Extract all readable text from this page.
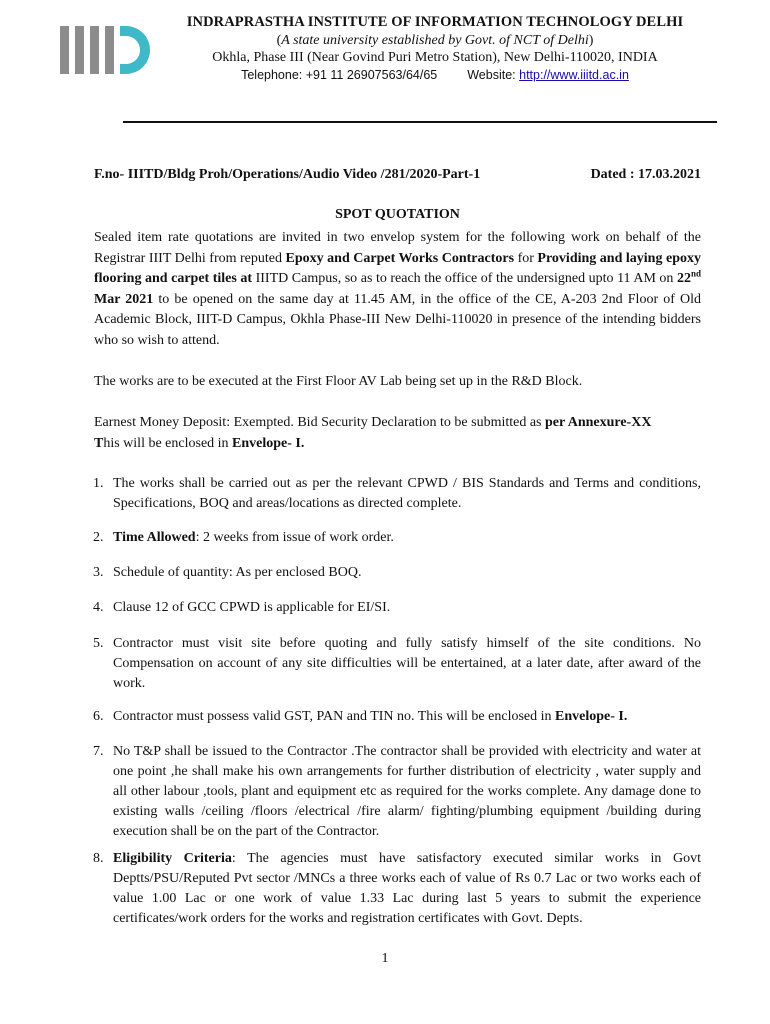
INDRAPRASTHA INSTITUTE OF INFORMATION TECHNOLOGY DELHI
(A state university established by Govt. of NCT of Delhi)
Okhla, Phase III (Near Govind Puri Metro Station), New Delhi-110020, INDIA
Telephone: +91 11 26907563/64/65 Website: http://www.iiitd.ac.in
F.no- IIITD/Bldg Proh/Operations/Audio Video /281/2020-Part-1	Dated : 17.03.2021
SPOT QUOTATION
Sealed item rate quotations are invited in two envelop system for the following work on behalf of the Registrar IIIT Delhi from reputed Epoxy and Carpet Works Contractors for Providing and laying epoxy flooring and carpet tiles at IIITD Campus, so as to reach the office of the undersigned upto 11 AM on 22nd Mar 2021 to be opened on the same day at 11.45 AM, in the office of the CE, A-203 2nd Floor of Old Academic Block, IIIT-D Campus, Okhla Phase-III New Delhi-110020 in presence of the intending bidders who so wish to attend.
The works are to be executed at the First Floor AV Lab being set up in the R&D Block.
Earnest Money Deposit: Exempted. Bid Security Declaration to be submitted as per Annexure-XX
This will be enclosed in Envelope- I.
1. The works shall be carried out as per the relevant CPWD / BIS Standards and Terms and conditions, Specifications, BOQ and areas/locations as directed complete.
2. Time Allowed: 2 weeks from issue of work order.
3. Schedule of quantity: As per enclosed BOQ.
4. Clause 12 of GCC CPWD is applicable for EI/SI.
5. Contractor must visit site before quoting and fully satisfy himself of the site conditions. No Compensation on account of any site difficulties will be entertained, at a later date, after award of the work.
6. Contractor must possess valid GST, PAN and TIN no. This will be enclosed in Envelope- I.
7. No T&P shall be issued to the Contractor .The contractor shall be provided with electricity and water at one point ,he shall make his own arrangements for further distribution of electricity , water supply and all other labour ,tools, plant and equipment etc as required for the works complete. Any damage done to existing walls /ceiling /floors /electrical /fire alarm/ fighting/plumbing equipment /building during execution shall be on the part of the Contractor.
8. Eligibility Criteria: The agencies must have satisfactory executed similar works in Govt Deptts/PSU/Reputed Pvt sector /MNCs a three works each of value of Rs 0.7 Lac or two works each of value 1.00 Lac or one work of value 1.33 Lac during last 5 years to submit the experience certificates/work orders for the works and registration certificates with Govt. Depts.
1
